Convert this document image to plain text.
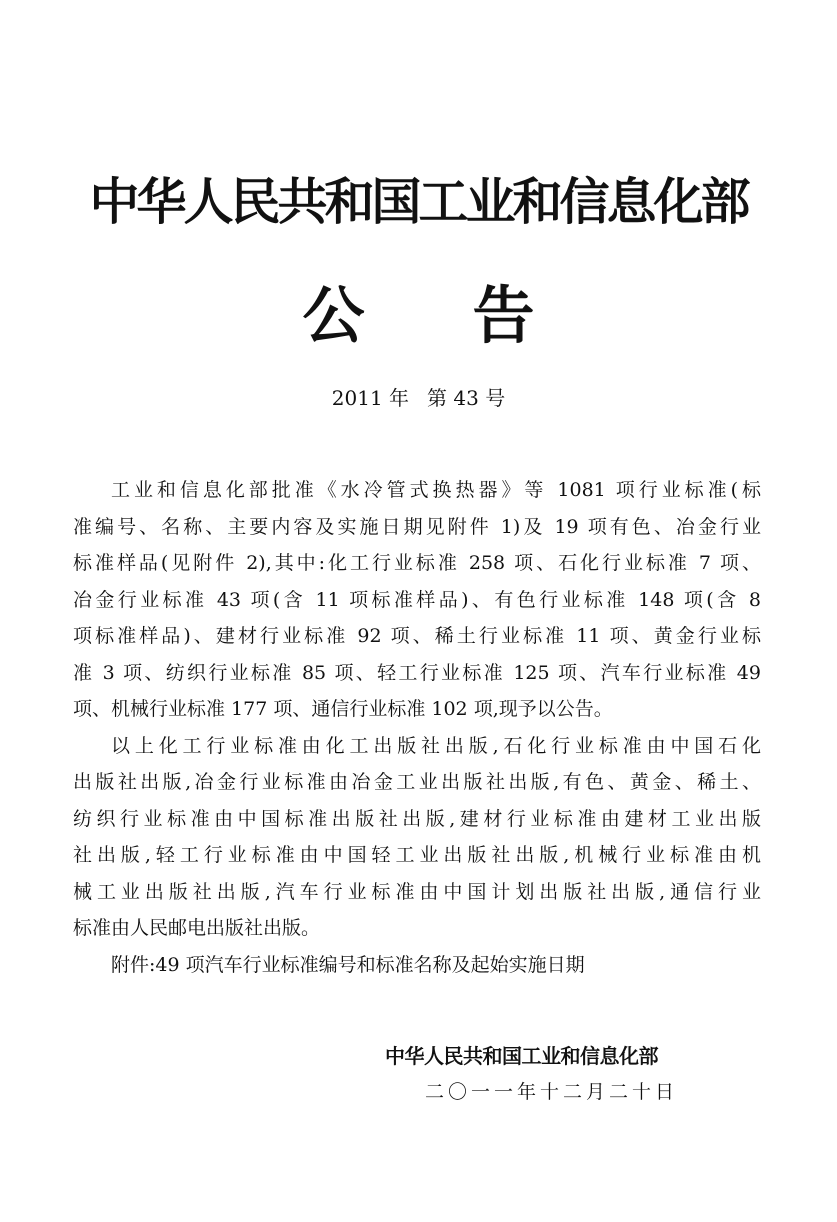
中华人民共和国工业和信息化部
公 告
2011 年 第 43 号
工业和信息化部批准《水冷管式换热器》等 1081 项行业标准(标
准编号、名称、主要内容及实施日期见附件 1)及 19 项有色、冶金行业
标准样品(见附件 2),其中:化工行业标准 258 项、石化行业标准 7 项、
冶金行业标准 43 项(含 11 项标准样品)、有色行业标准 148 项(含 8
项标准样品)、建材行业标准 92 项、稀土行业标准 11 项、黄金行业标
准 3 项、纺织行业标准 85 项、轻工行业标准 125 项、汽车行业标准 49
项、机械行业标准 177 项、通信行业标准 102 项,现予以公告。
以上化工行业标准由化工出版社出版,石化行业标准由中国石化
出版社出版,冶金行业标准由冶金工业出版社出版,有色、黄金、稀土、
纺织行业标准由中国标准出版社出版,建材行业标准由建材工业出版
社出版,轻工行业标准由中国轻工业出版社出版,机械行业标准由机
械工业出版社出版,汽车行业标准由中国计划出版社出版,通信行业
标准由人民邮电出版社出版。
附件:49 项汽车行业标准编号和标准名称及起始实施日期
中华人民共和国工业和信息化部
二〇一一年十二月二十日
